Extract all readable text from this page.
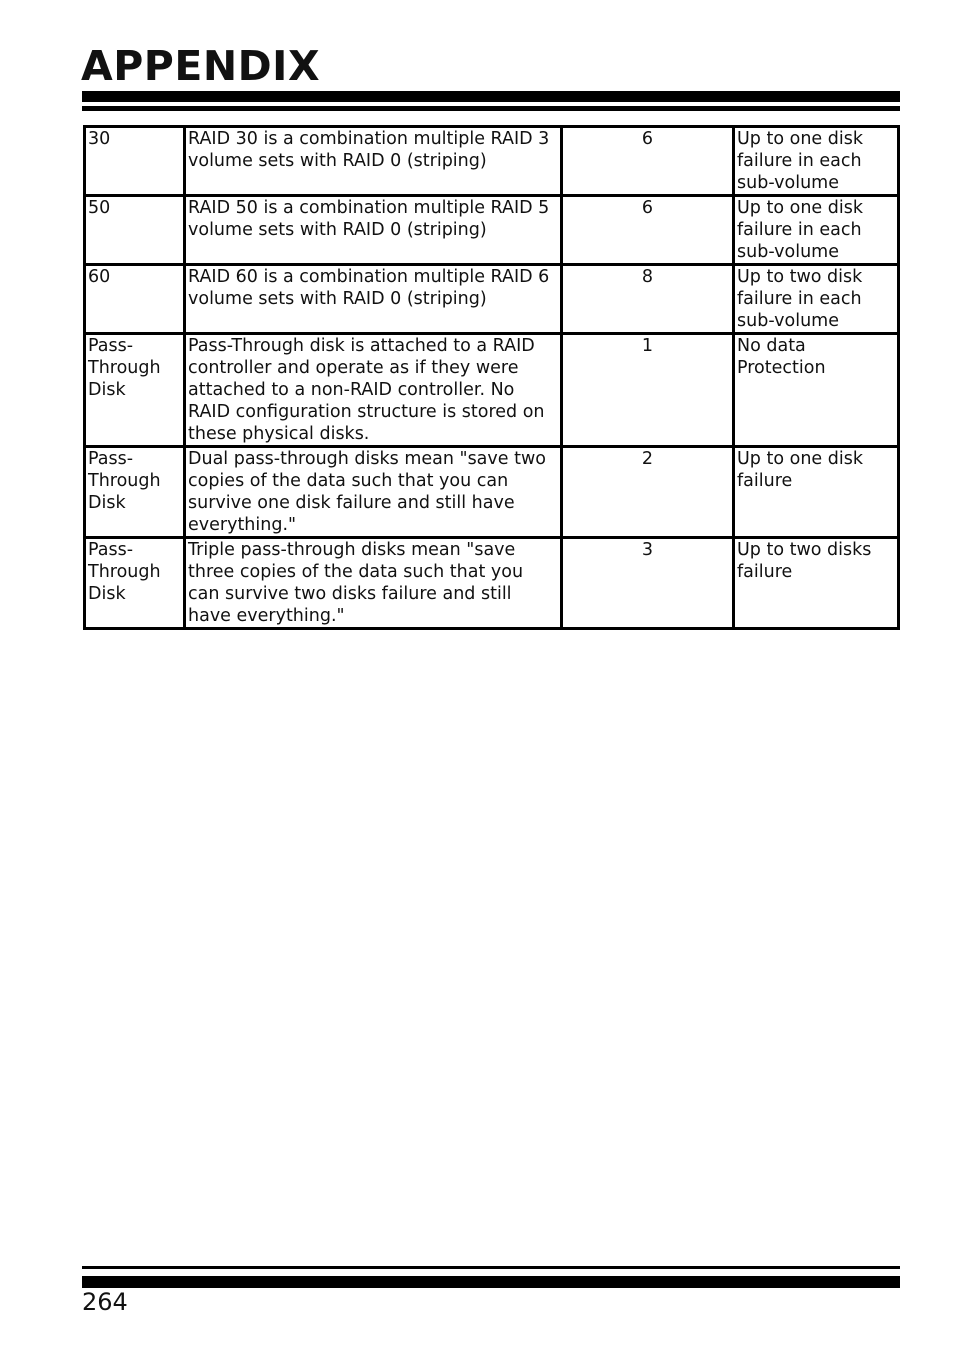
APPENDIX
30	RAID 30 is a combination multiple RAID 3 volume sets with RAID 0 (striping)	6	Up to one disk failure in each sub-volume
50	RAID 50 is a combination multiple RAID 5 volume sets with RAID 0 (striping)	6	Up to one disk failure in each sub-volume
60	RAID 60 is a combination multiple RAID 6 volume sets with RAID 0 (striping)	8	Up to two disk failure in each sub-volume
Pass-Through Disk	Pass-Through disk is attached to a RAID controller and operate as if they were attached to a non-RAID controller. No RAID configuration structure is stored on these physical disks.	1	No data Protection
Pass-Through Disk	Dual pass-through disks mean "save two copies of the data such that you can survive one disk failure and still have everything."	2	Up to one disk failure
Pass-Through Disk	Triple pass-through disks mean "save three copies of the data such that you can survive two disks failure and still have everything."	3	Up to two disks failure
264
